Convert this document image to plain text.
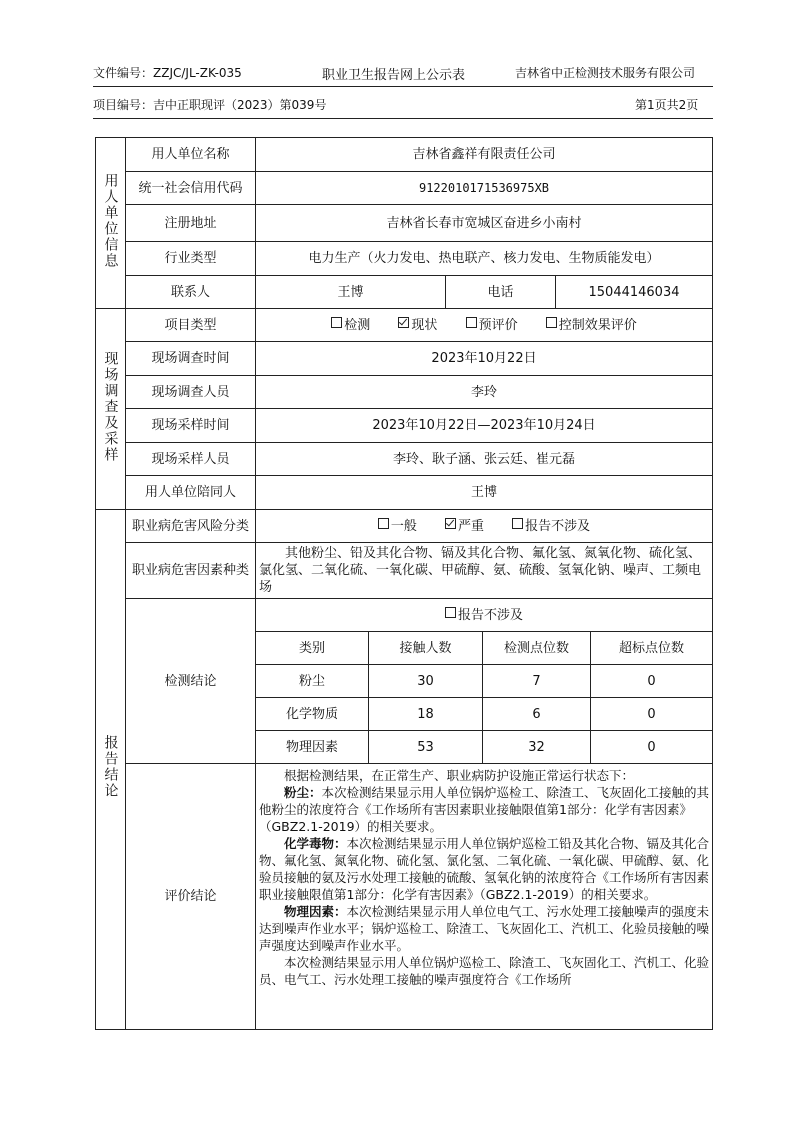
文件编号：ZZJC/JL-ZK-035	职业卫生报告网上公示表	吉林省中正检测技术服务有限公司
项目编号：吉中正职现评（2023）第039号	第1页共2页
用人单位信息	用人单位名称	吉林省鑫祥有限责任公司					
	统一社会信用代码	9122010171536975XB					
	注册地址	吉林省长春市宽城区奋进乡小南村					
	行业类型	电力生产（火力发电、热电联产、核力发电、生物质能发电）					
	联系人	王博		电话		15044146034	
现场调查及采样	项目类型	检测 现状 预评价 控制效果评价					
	现场调查时间	2023年10月22日					
	现场调查人员	李玲					
	现场采样时间	2023年10月22日—2023年10月24日					
	现场采样人员	李玲、耿子涵、张云廷、崔元磊					
	用人单位陪同人	王博					
报告结论	职业病危害风险分类	一般 严重 报告不涉及					
	职业病危害因素种类	其他粉尘、铅及其化合物、镉及其化合物、氟化氢、氮氧化物、硫化氢、氯化氢、二氧化硫、一氧化碳、甲硫醇、氨、硫酸、氢氧化钠、噪声、工频电场					
	检测结论	报告不涉及					
		类别	接触人数		检测点位数		超标点位数
		粉尘	30		7		0
		化学物质	18		6		0
		物理因素	53		32		0
	评价结论	根据检测结果，在正常生产、职业病防护设施正常运行状态下：
粉尘：本次检测结果显示用人单位锅炉巡检工、除渣工、飞灰固化工接触的其他粉尘的浓度符合《工作场所有害因素职业接触限值第1部分：化学有害因素》（GBZ2.1-2019）的相关要求。
化学毒物：本次检测结果显示用人单位锅炉巡检工铅及其化合物、镉及其化合物、氟化氢、氮氧化物、硫化氢、氯化氢、二氧化硫、一氧化碳、甲硫醇、氨、化验员接触的氨及污水处理工接触的硫酸、氢氧化钠的浓度符合《工作场所有害因素职业接触限值第1部分：化学有害因素》（GBZ2.1-2019）的相关要求。
物理因素：本次检测结果显示用人单位电气工、污水处理工接触噪声的强度未达到噪声作业水平；锅炉巡检工、除渣工、飞灰固化工、汽机工、化验员接触的噪声强度达到噪声作业水平。
本次检测结果显示用人单位锅炉巡检工、除渣工、飞灰固化工、汽机工、化验员、电气工、污水处理工接触的噪声强度符合《工作场所					
